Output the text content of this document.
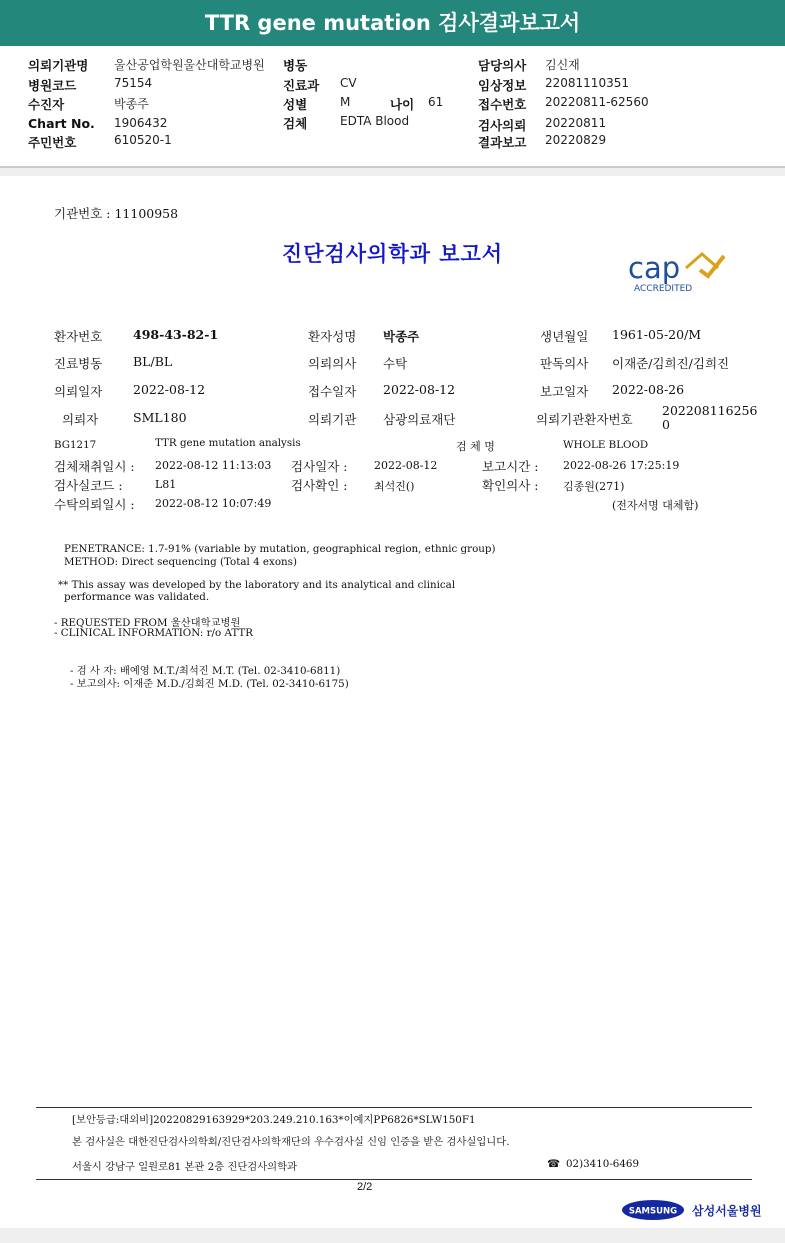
TTR gene mutation 검사결과보고서
의뢰기관명 울산공업학원울산대학교병원
병원코드	75154
수진자	박종주
Chart No. 1906432
주민번호	610520-1
병동
진료과 CV
성별	M	나이 61
검체	EDTA Blood
담당의사 김신재
임상정보 22081110351
접수번호 20220811-62560
검사의뢰 20220811
결과보고 20220829
기관번호 : 11100958
진단검사의학과 보고서	cap
ACCREDITED
환자번호 498-43-82-1	환자성명 박종주	생년월일 1961-05-20/M
진료병동 BL/BL	의뢰의사 수탁	판독의사 이재준/김희진/김희진
의뢰일자 2022-08-12	접수일자 2022-08-12	보고일자 2022-08-26
의뢰자	SML180	의뢰기관 삼광의료재단	의뢰기관환자번호
202208116256
0
BG1217	TTR gene mutation analysis	검 체 명	WHOLE BLOOD
검체채취일시 : 2022-08-12 11:13:03 검사일자 : 2022-08-12	보고시간 : 2022-08-26 17:25:19
검사실코드 :	L81	검사확인 : 최석진()	확인의사 : 김종원(271)
수탁의뢰일시 : 2022-08-12 10:07:49	(전자서명 대체함)
PENETRANCE: 1.7-91% (variable by mutation, geographical region, ethnic group)
METHOD: Direct sequencing (Total 4 exons)
** This assay was developed by the laboratory and its analytical and clinical
performance was validated.
- REQUESTED FROM 울산대학교병원
- CLINICAL INFORMATION: r/o ATTR
- 검 사 자: 배예영 M.T./최석진 M.T. (Tel. 02-3410-6811)
- 보고의사: 이재준 M.D./김희진 M.D. (Tel. 02-3410-6175)
[보안등급:대외비]20220829163929*203.249.210.163*이예지PP6826*SLW150F1
본 검사실은 대한진단검사의학회/진단검사의학재단의 우수검사실 신임 인증을 받은 검사실입니다.
서울시 강남구 일원로81 본관 2층 진단검사의학과	☎ 02)3410-6469
2/2
SAMSUNG 삼성서울병원
